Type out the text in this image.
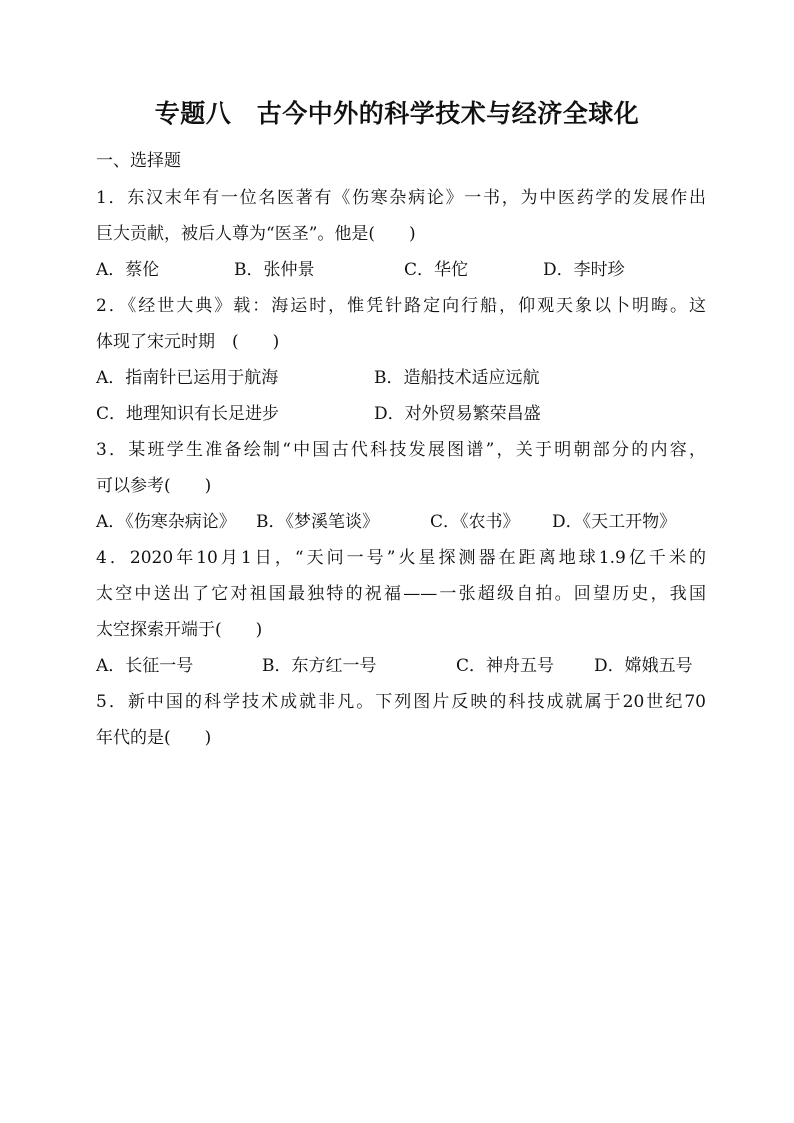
专题八　古今中外的科学技术与经济全球化
一、选择题
1．东汉末年有一位名医著有《伤寒杂病论》一书，为中医药学的发展作出
巨大贡献，被后人尊为“医圣”。他是(　　)
A．蔡伦	B．张仲景	C．华佗	D．李时珍
2．《经世大典》载：海运时，惟凭针路定向行船，仰观天象以卜明晦。这
体现了宋元时期　(　　)
A．指南针已运用于航海	B．造船技术适应远航
C．地理知识有长足进步	D．对外贸易繁荣昌盛
3．某班学生准备绘制“中国古代科技发展图谱”，关于明朝部分的内容，
可以参考(　　)
A．《伤寒杂病论》 B．《梦溪笔谈》	C．《农书》 D．《天工开物》
4．2020年10月1日，“天问一号”火星探测器在距离地球1.9亿千米的
太空中送出了它对祖国最独特的祝福——一张超级自拍。回望历史，我国
太空探索开端于(　　)
A．长征一号	B．东方红一号	C．神舟五号 D．嫦娥五号
5．新中国的科学技术成就非凡。下列图片反映的科技成就属于20世纪70
年代的是(　　)
